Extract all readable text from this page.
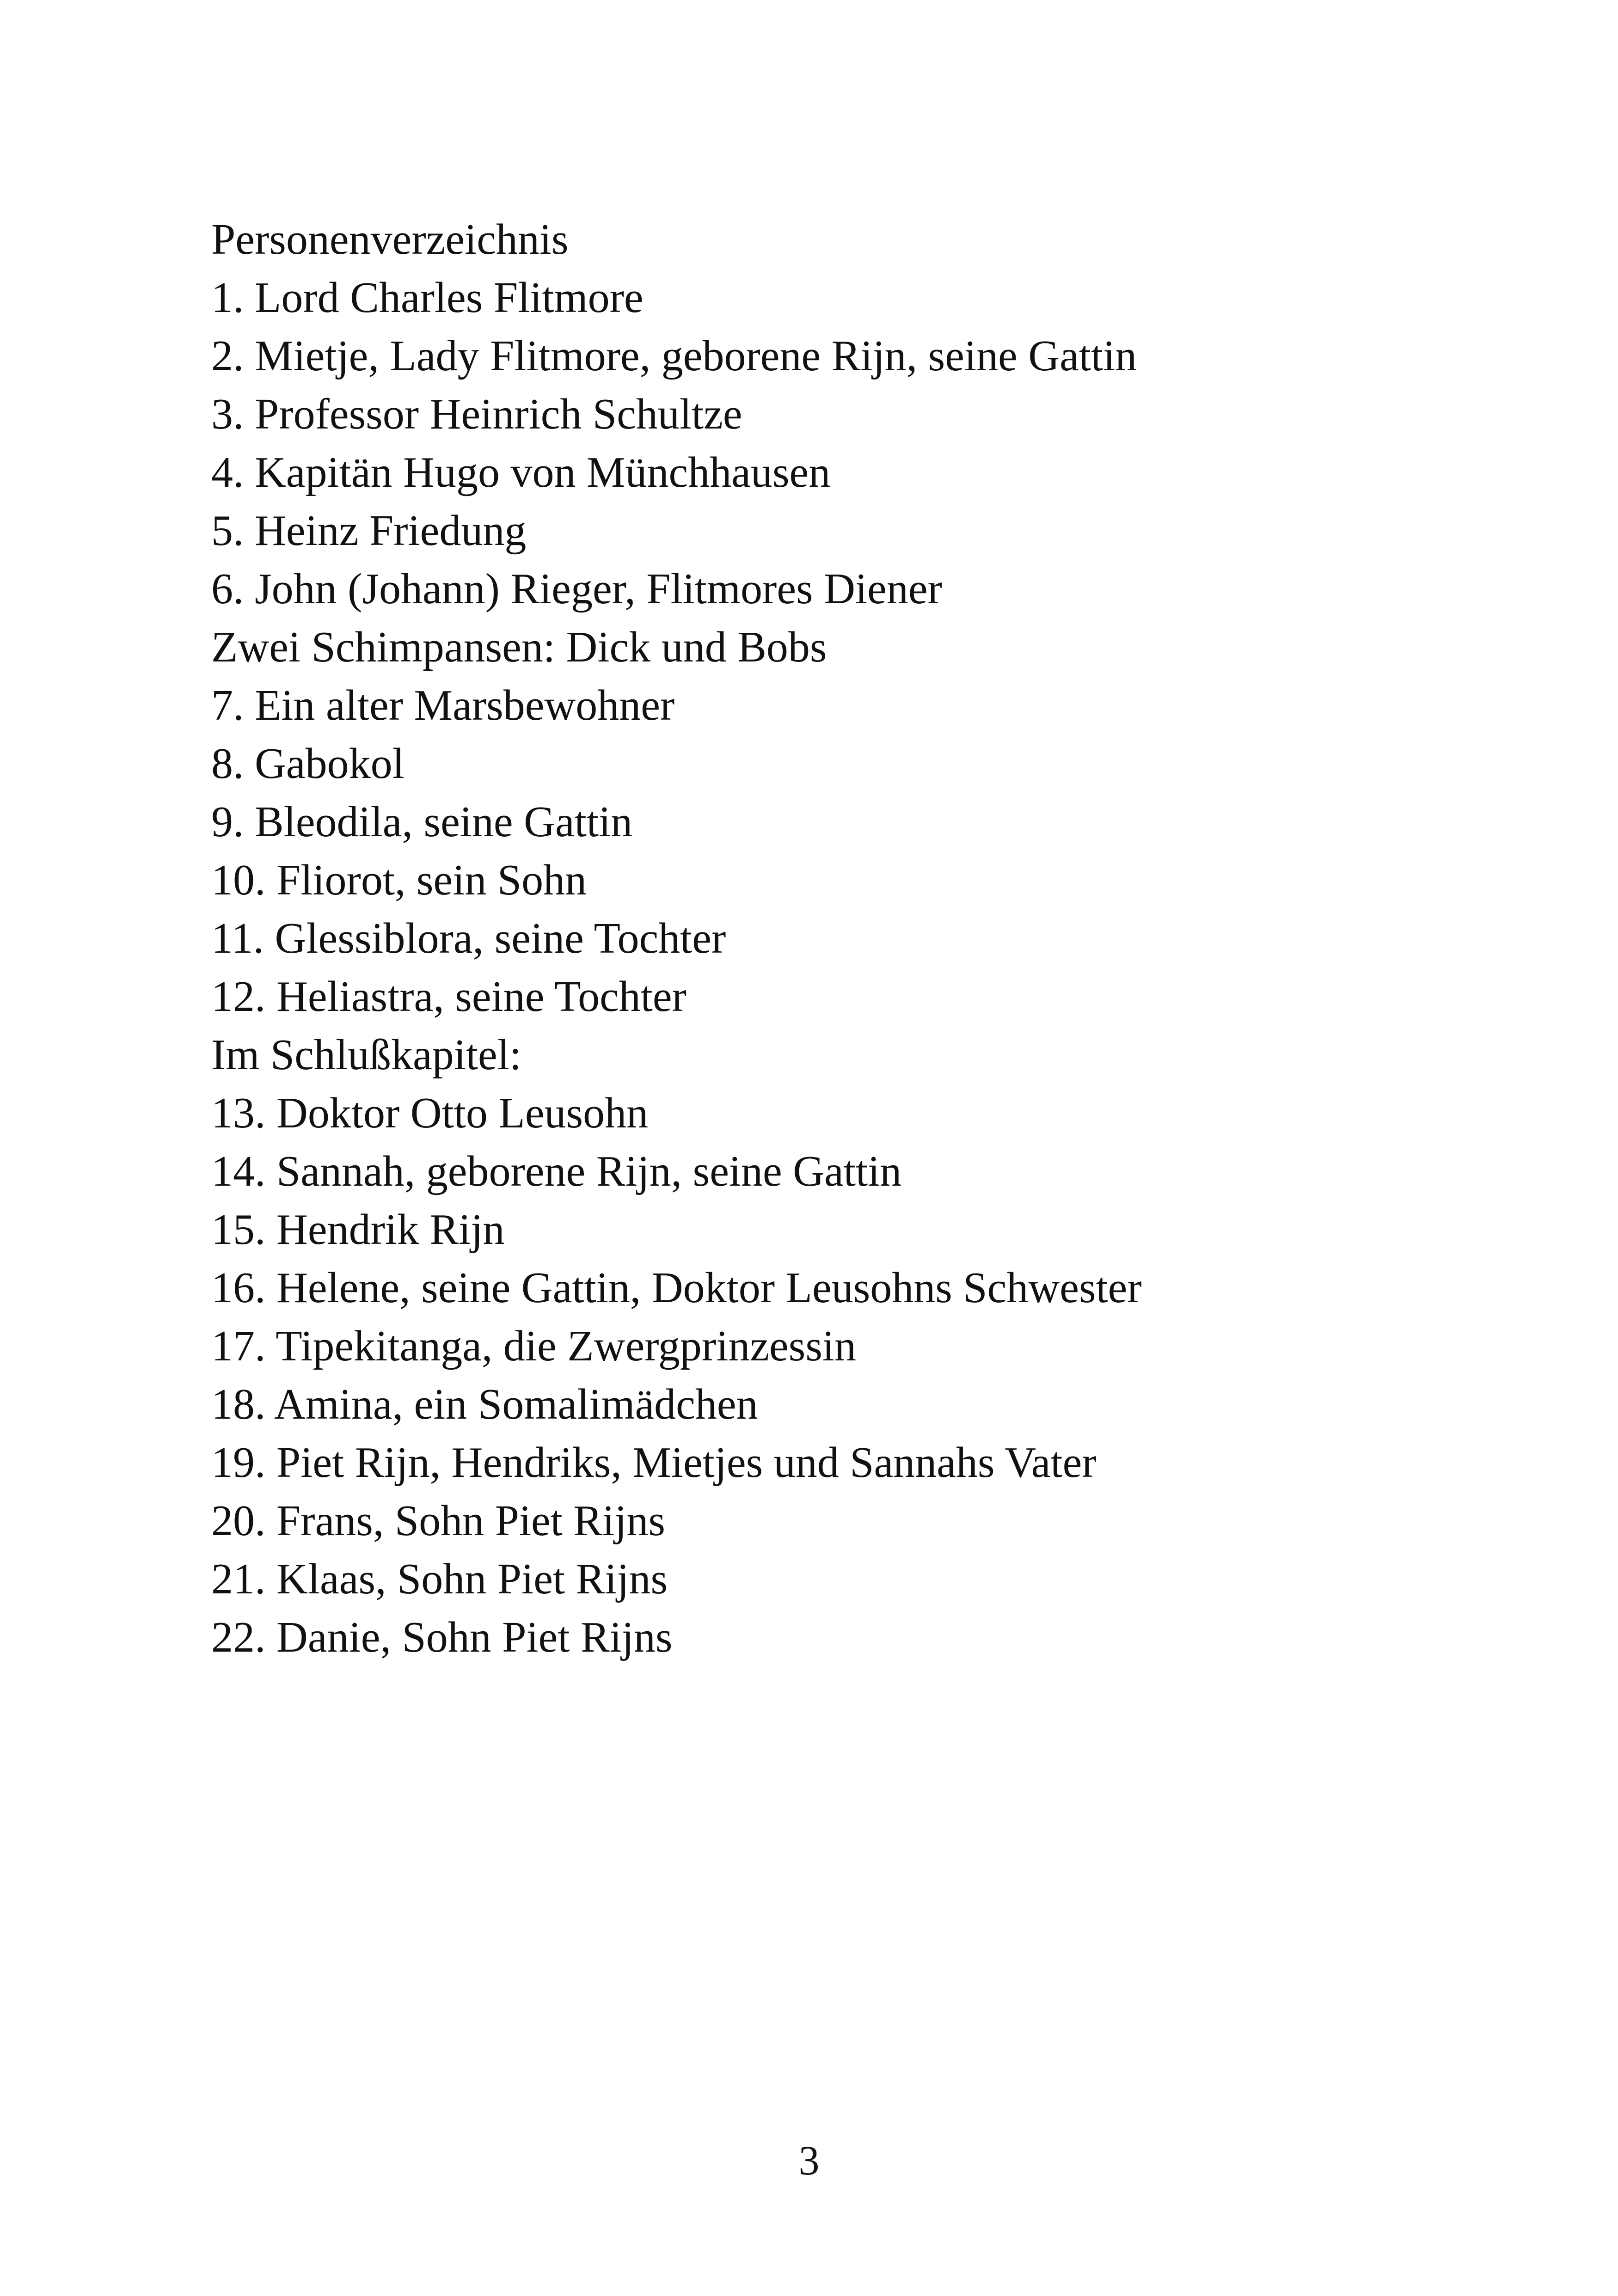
Personenverzeichnis
1. Lord Charles Flitmore
2. Mietje, Lady Flitmore, geborene Rijn, seine Gattin
3. Professor Heinrich Schultze
4. Kapitän Hugo von Münchhausen
5. Heinz Friedung
6. John (Johann) Rieger, Flitmores Diener
Zwei Schimpansen: Dick und Bobs
7. Ein alter Marsbewohner
8. Gabokol
9. Bleodila, seine Gattin
10. Fliorot, sein Sohn
11. Glessiblora, seine Tochter
12. Heliastra, seine Tochter
Im Schlußkapitel:
13. Doktor Otto Leusohn
14. Sannah, geborene Rijn, seine Gattin
15. Hendrik Rijn
16. Helene, seine Gattin, Doktor Leusohns Schwester
17. Tipekitanga, die Zwergprinzessin
18. Amina, ein Somalimädchen
19. Piet Rijn, Hendriks, Mietjes und Sannahs Vater
20. Frans, Sohn Piet Rijns
21. Klaas, Sohn Piet Rijns
22. Danie, Sohn Piet Rijns
3
